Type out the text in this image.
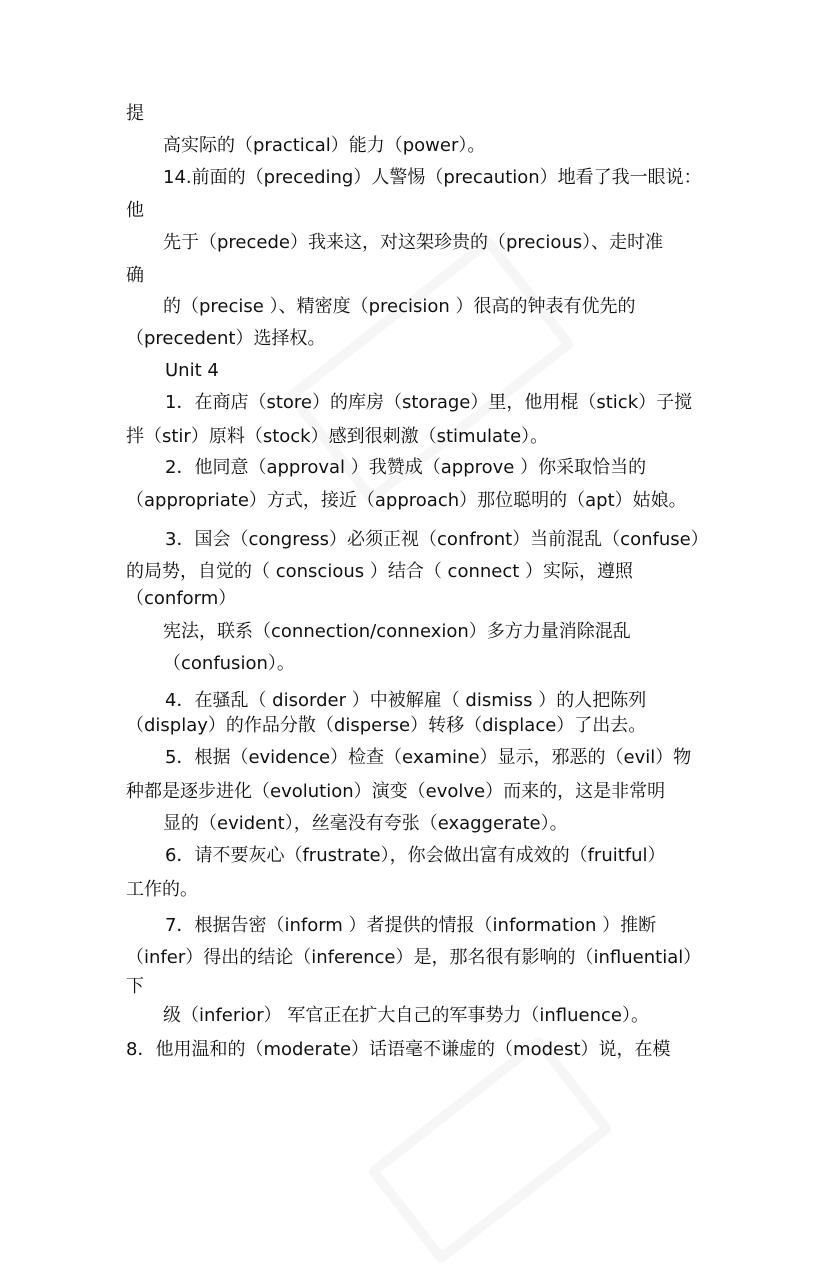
提
高实际的（practical）能力（power）。
14.前面的（preceding）人警惕（precaution）地看了我一眼说：
他
先于（precede）我来这，对这架珍贵的（precious）、走时准
确
的（precise ）、精密度（precision ）很高的钟表有优先的
（precedent）选择权。
Unit 4
1．在商店（store）的库房（storage）里，他用棍（stick）子搅
拌（stir）原料（stock）感到很刺激（stimulate）。
2．他同意（approval ）我赞成（approve ）你采取恰当的
（appropriate）方式，接近（approach）那位聪明的（apt）姑娘。
3．国会（congress）必须正视（confront）当前混乱（confuse）
的局势，自觉的（ conscious ）结合（ connect ）实际，遵照
（conform）
宪法，联系（connection/connexion）多方力量消除混乱
（confusion）。
4．在骚乱（ disorder ）中被解雇（ dismiss ）的人把陈列
（display）的作品分散（disperse）转移（displace）了出去。
5．根据（evidence）检查（examine）显示，邪恶的（evil）物
种都是逐步进化（evolution）演变（evolve）而来的，这是非常明
显的（evident），丝毫没有夸张（exaggerate）。
6．请不要灰心（frustrate），你会做出富有成效的（fruitful）
工作的。
7．根据告密（inform ）者提供的情报（information ）推断
（infer）得出的结论（inference）是，那名很有影响的（influential）
下
级（inferior） 军官正在扩大自己的军事势力（influence）。
8．他用温和的（moderate）话语毫不谦虚的（modest）说，在模
